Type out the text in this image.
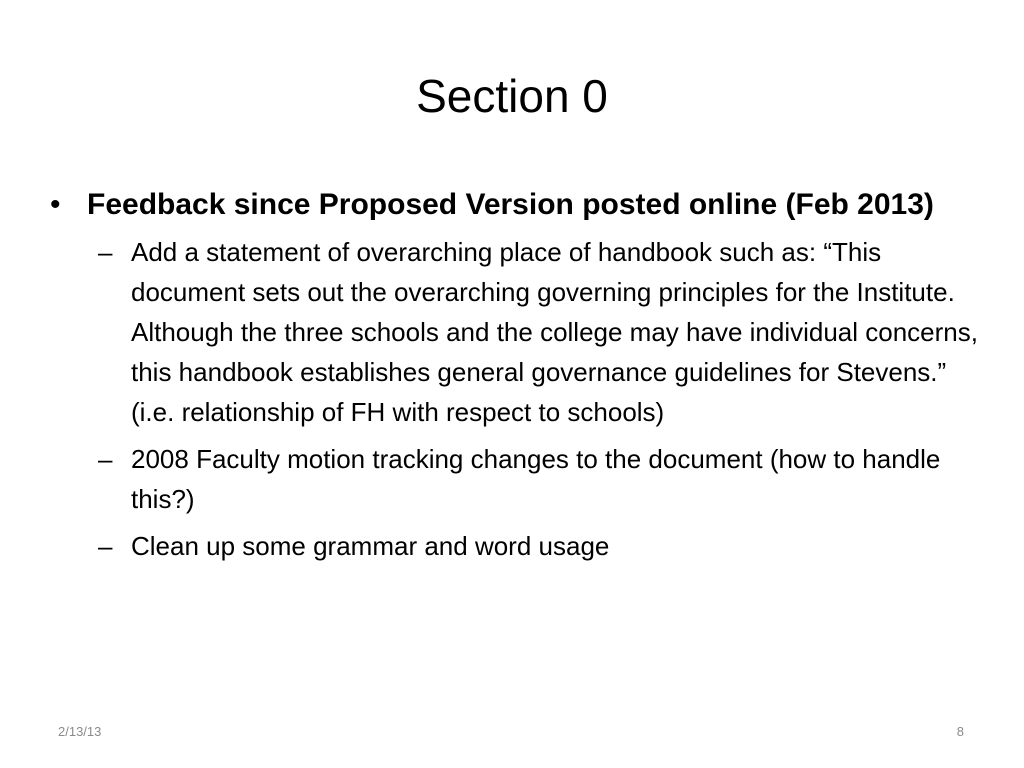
Section 0
• Feedback since Proposed Version posted online (Feb 2013)
– Add a statement of overarching place of handbook such as: “This document sets out the overarching governing principles for the Institute. Although the three schools and the college may have individual concerns, this handbook establishes general governance guidelines for Stevens.” (i.e. relationship of FH with respect to schools)
– 2008 Faculty motion tracking changes to the document (how to handle this?)
– Clean up some grammar and word usage
2/13/13	8
